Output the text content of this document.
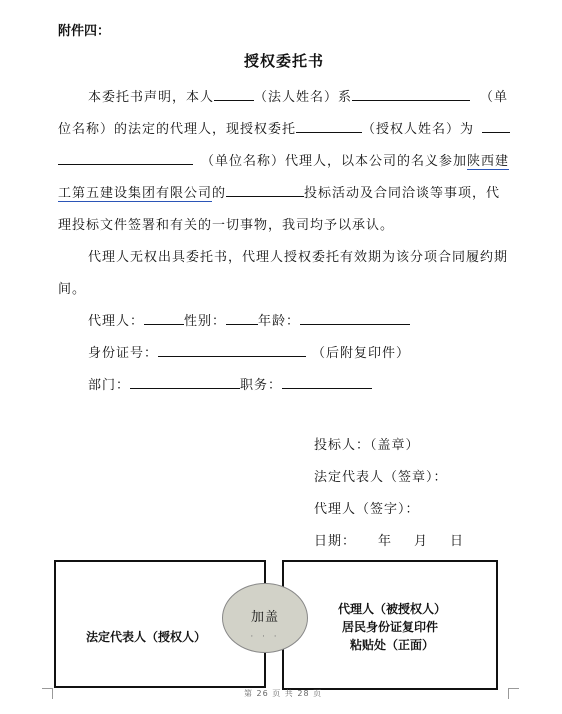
附件四：
授权委托书
本委托书声明，本人	（法人姓名）系	（单
位名称）的法定的代理人，现授权委托	（授权人姓名）为
（单位名称）代理人，以本公司的名义参加陕西建
工第五建设集团有限公司的	投标活动及合同洽谈等事项，代
理投标文件签署和有关的一切事物，我司均予以承认。
代理人无权出具委托书，代理人授权委托有效期为该分项合同履约期
间。
代理人：	性别： 年龄：
身份证号：	（后附复印件）
部门：	职务：
投标人：（盖章）
法定代表人（签章）：
代理人（签字）：
日期： 年 月 日
法定代表人（授权人）
代理人（被授权人）
居民身份证复印件
粘贴处（正面）
加盖
· · ·
第 26 页 共 28 页
